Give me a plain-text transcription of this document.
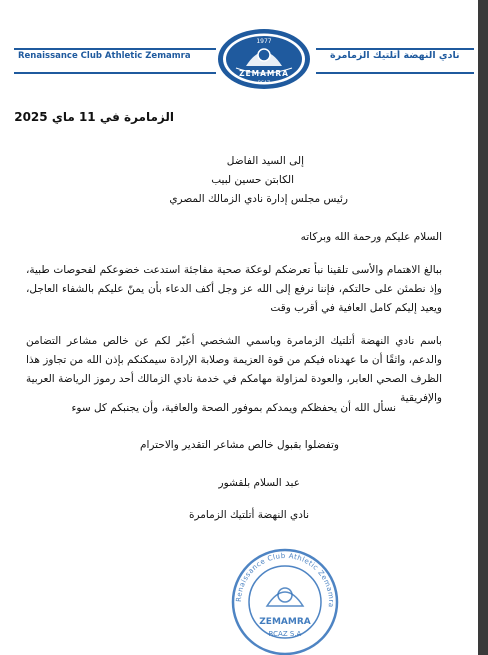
Renaissance Club Athletic Zemamra	نادي النهضة أتلتيك الزمامرة
1977
ZEMAMRA
RCAZ
الزمامرة في 11 ماي 2025
إلى السيد الفاضل
الكابتن حسين لبيب
رئيس مجلس إدارة نادي الزمالك المصري
السلام عليكم ورحمة الله وبركاته
ببالغ الاهتمام والأسى تلقينا نبأ تعرضكم لوعكة صحية مفاجئة استدعت خضوعكم لفحوصات طبية، وإذ نطمئن على حالتكم، فإننا نرفع إلى الله عز وجل أكف الدعاء بأن يمنّ عليكم بالشفاء العاجل، ويعيد إليكم كامل العافية في أقرب وقت
باسم نادي النهضة أتلتيك الزمامرة وباسمي الشخصي أعبّر لكم عن خالص مشاعر التضامن والدعم، واثقًا أن ما عهدناه فيكم من قوة العزيمة وصلابة الإرادة سيمكنكم بإذن الله من تجاوز هذا الظرف الصحي العابر، والعودة لمزاولة مهامكم في خدمة نادي الزمالك أحد رموز الرياضة العربية والإفريقية
نسأل الله أن يحفظكم ويمدكم بموفور الصحة والعافية، وأن يجنبكم كل سوء
وتفضلوا بقبول خالص مشاعر التقدير والاحترام
عبد السلام بلقشور
نادي النهضة أتلتيك الزمامرة
Renaissance Club Athletic Zemamra
ZEMAMRA
RCAZ S.A
